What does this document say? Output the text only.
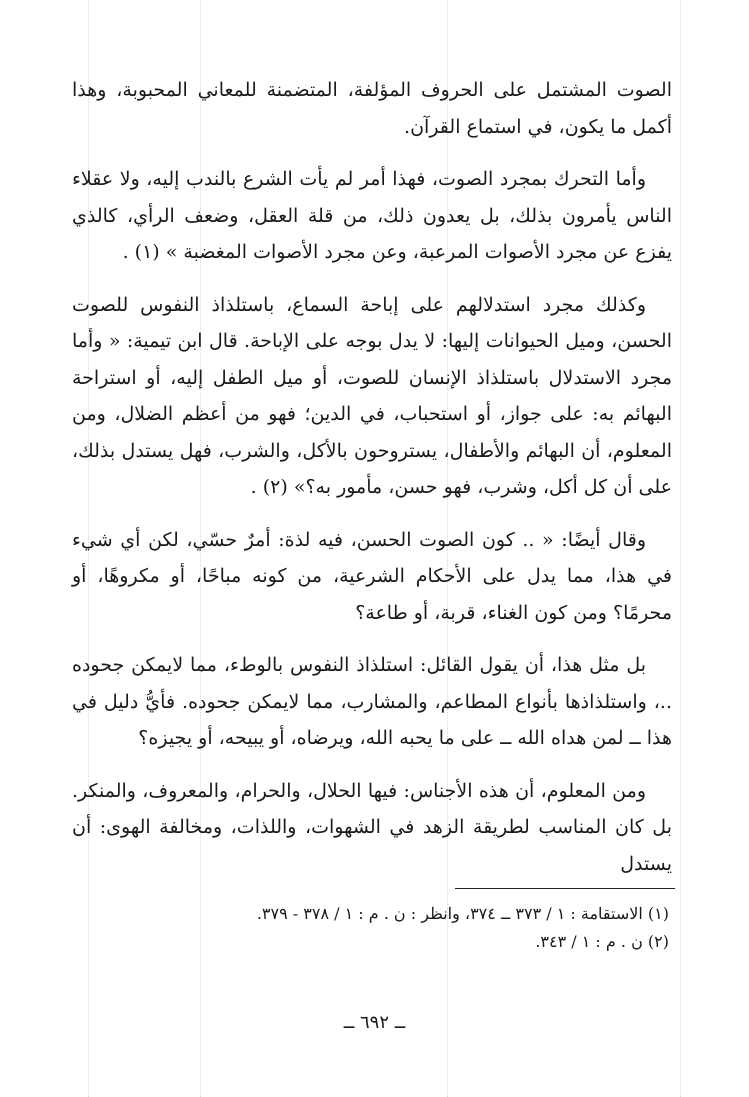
الصوت المشتمل على الحروف المؤلفة، المتضمنة للمعاني المحبوبة، وهذا أكمل ما يكون، في استماع القرآن.

وأما التحرك بمجرد الصوت، فهذا أمر لم يأت الشرع بالندب إليه، ولا عقلاء الناس يأمرون بذلك، بل يعدون ذلك، من قلة العقل، وضعف الرأي، كالذي يفزع عن مجرد الأصوات المرعبة، وعن مجرد الأصوات المغضبة » (١) .

وكذلك مجرد استدلالهم على إباحة السماع، باستلذاذ النفوس للصوت الحسن، وميل الحيوانات إليها: لا يدل بوجه على الإباحة. قال ابن تيمية: « وأما مجرد الاستدلال باستلذاذ الإنسان للصوت، أو ميل الطفل إليه، أو استراحة البهائم به: على جواز، أو استحباب، في الدين؛ فهو من أعظم الضلال، ومن المعلوم، أن البهائم والأطفال، يستروحون بالأكل، والشرب، فهل يستدل بذلك، على أن كل أكل، وشرب، فهو حسن، مأمور به؟» (٢) .

وقال أيضًا: « .. كون الصوت الحسن، فيه لذة: أمرٌ حسّي، لكن أي شيء في هذا، مما يدل على الأحكام الشرعية، من كونه مباحًا، أو مكروهًا، أو محرمًا؟ ومن كون الغناء، قربة، أو طاعة؟

بل مثل هذا، أن يقول القائل: استلذاذ النفوس بالوطء، مما لايمكن جحوده ..، واستلذاذها بأنواع المطاعم، والمشارب، مما لايمكن جحوده. فأيُّ دليل في هذا ــ لمن هداه الله ــ على ما يحبه الله، ويرضاه، أو يبيحه، أو يجيزه؟

ومن المعلوم، أن هذه الأجناس: فيها الحلال، والحرام، والمعروف، والمنكر. بل كان المناسب لطريقة الزهد في الشهوات، واللذات، ومخالفة الهوى: أن يستدل

(١) الاستقامة : ١ / ٣٧٣ ــ ٣٧٤، وانظر : ن . م : ١ / ٣٧٨ - ٣٧٩.

(٢) ن . م : ١ / ٣٤٣.

ــ ٦٩٢ ــ
